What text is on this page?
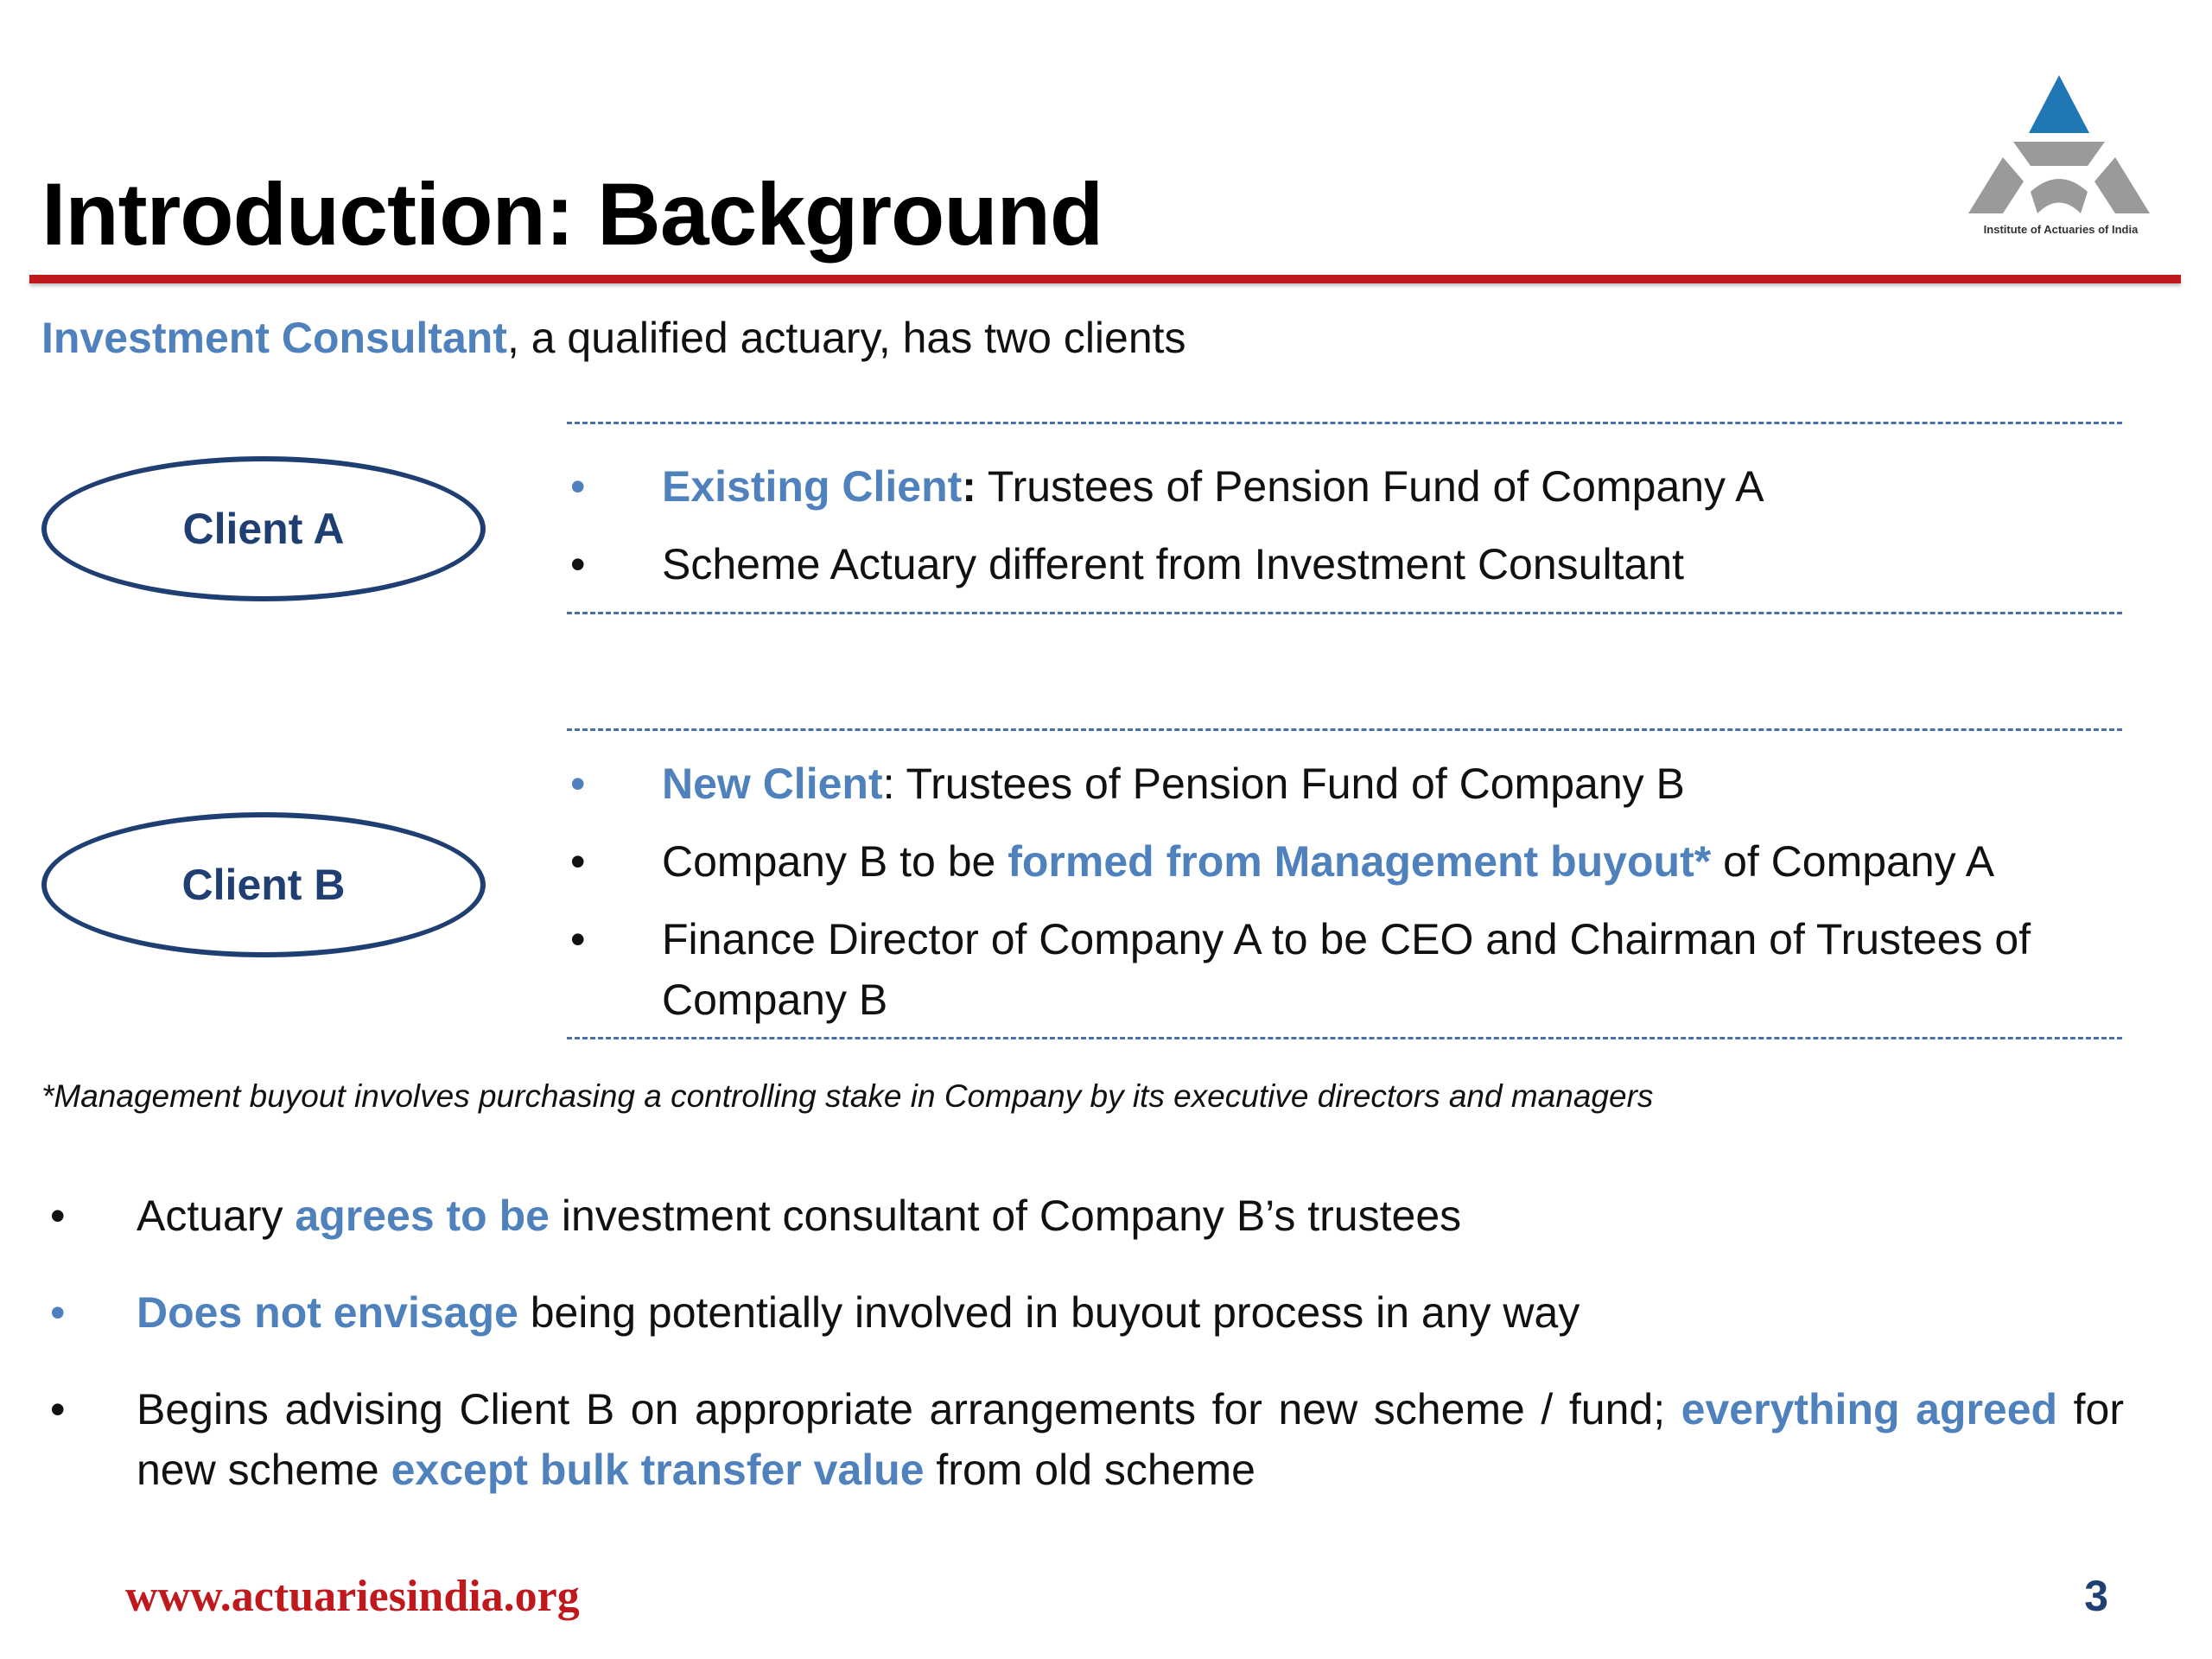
Introduction: Background	Institute of Actuaries of India
Investment Consultant, a qualified actuary, has two clients
Client A
•	Existing Client: Trustees of Pension Fund of Company A
•	Scheme Actuary different from Investment Consultant
Client B
•	New Client: Trustees of Pension Fund of Company B
•	Company B to be formed from Management buyout* of Company A
•	Finance Director of Company A to be CEO and Chairman of Trustees of Company B
*Management buyout involves purchasing a controlling stake in Company by its executive directors and managers
•	Actuary agrees to be investment consultant of Company B’s trustees
•	Does not envisage being potentially involved in buyout process in any way
•	Begins advising Client B on appropriate arrangements for new scheme / fund; everything agreed for new scheme except bulk transfer value from old scheme
www.actuariesindia.org	3
